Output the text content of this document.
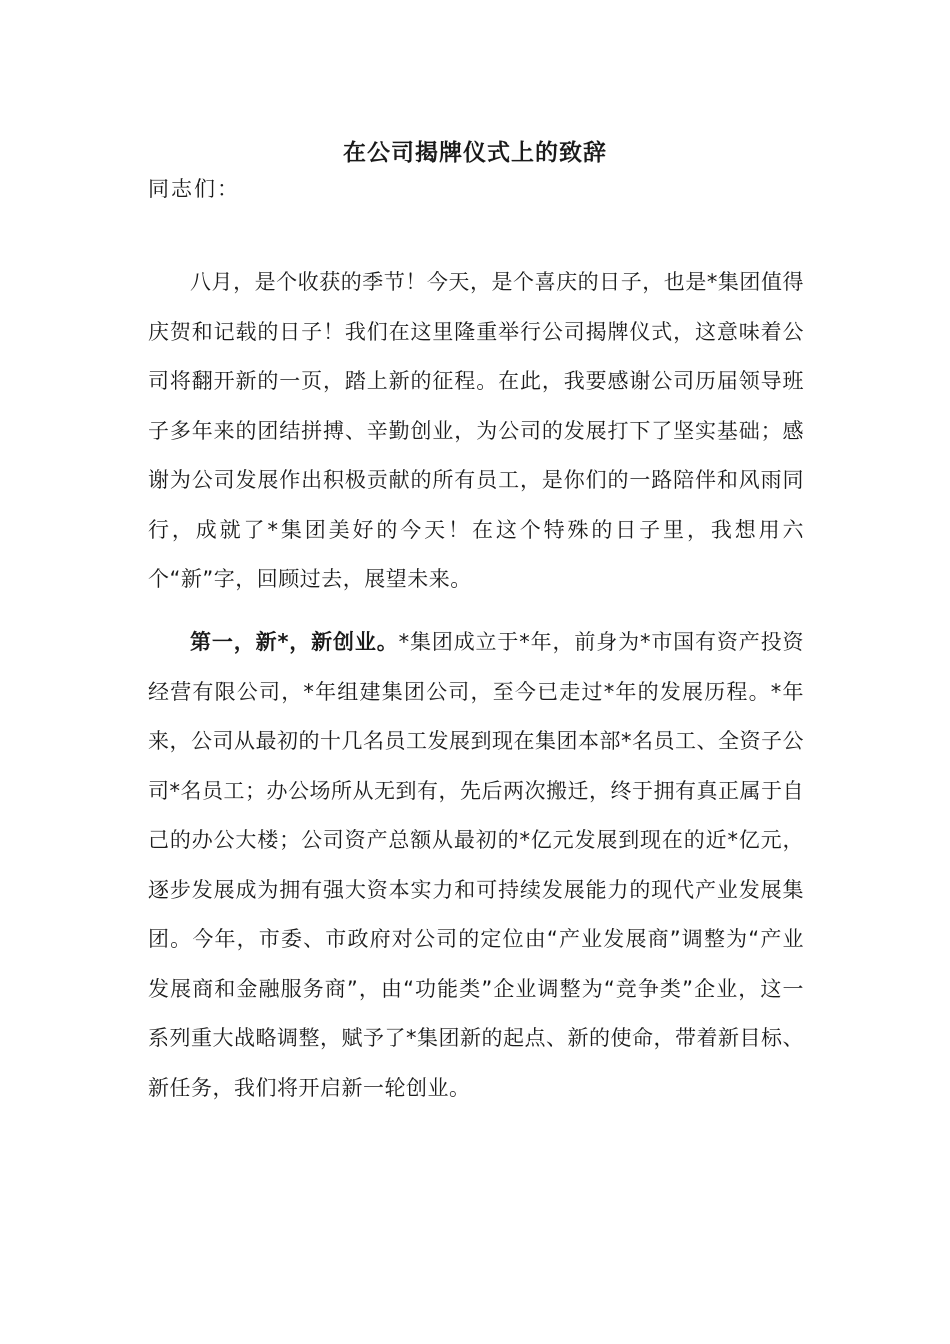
在公司揭牌仪式上的致辞
同志们：

八月，是个收获的季节！今天，是个喜庆的日子，也是*集团值得庆贺和记载的日子！我们在这里隆重举行公司揭牌仪式，这意味着公司将翻开新的一页，踏上新的征程。在此，我要感谢公司历届领导班子多年来的团结拼搏、辛勤创业，为公司的发展打下了坚实基础；感谢为公司发展作出积极贡献的所有员工，是你们的一路陪伴和风雨同行，成就了*集团美好的今天！在这个特殊的日子里，我想用六个“新”字，回顾过去，展望未来。

第一，新*，新创业。*集团成立于*年，前身为*市国有资产投资经营有限公司，*年组建集团公司，至今已走过*年的发展历程。*年来，公司从最初的十几名员工发展到现在集团本部*名员工、全资子公司*名员工；办公场所从无到有，先后两次搬迁，终于拥有真正属于自己的办公大楼；公司资产总额从最初的*亿元发展到现在的近*亿元，逐步发展成为拥有强大资本实力和可持续发展能力的现代产业发展集团。今年，市委、市政府对公司的定位由“产业发展商”调整为“产业发展商和金融服务商”，由“功能类”企业调整为“竞争类”企业，这一系列重大战略调整，赋予了*集团新的起点、新的使命，带着新目标、新任务，我们将开启新一轮创业。
